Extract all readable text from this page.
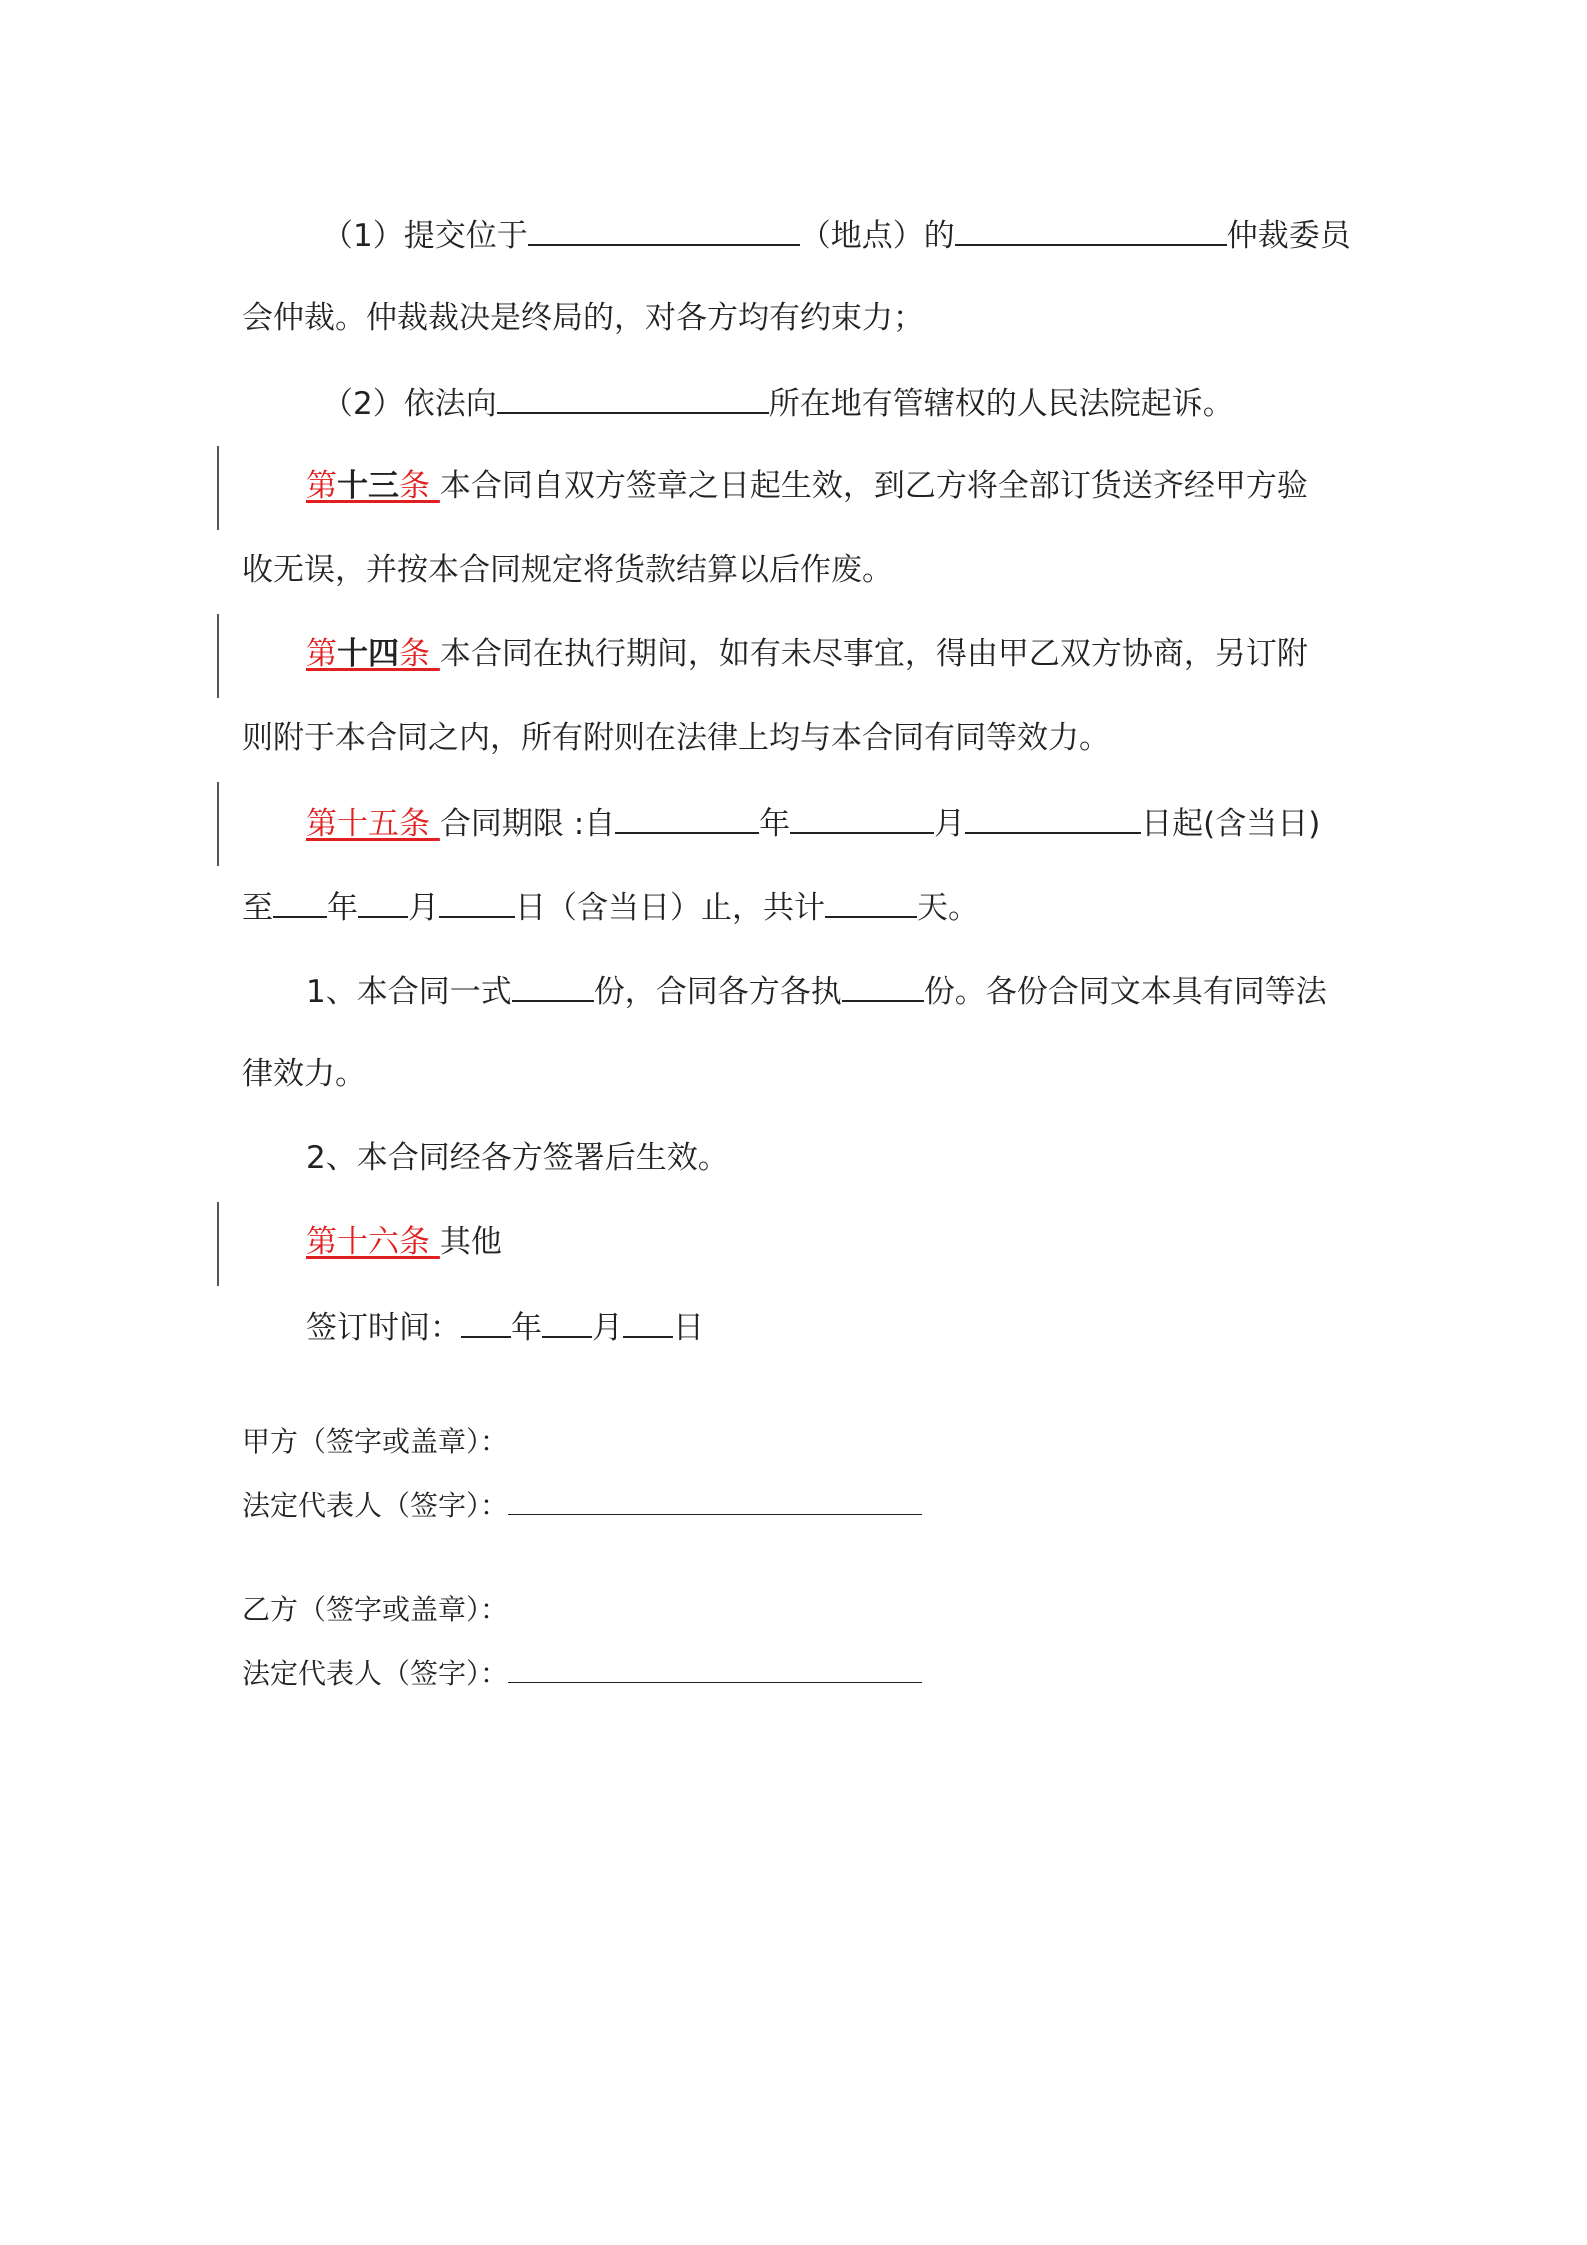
（1）提交位于	（地点）的	仲裁委员
会仲裁。仲裁裁决是终局的，对各方均有约束力；
（2）依法向	所在地有管辖权的人民法院起诉。
第十三条 本合同自双方签章之日起生效，到乙方将全部订货送齐经甲方验
收无误，并按本合同规定将货款结算以后作废。
第十四条 本合同在执行期间，如有未尽事宜，得由甲乙双方协商，另订附
则附于本合同之内，所有附则在法律上均与本合同有同等效力。
第十五条 合同期限 :自	年	月	日起(含当日)
至 年 月 日（含当日）止，共计	天。
1、本合同一式	份，合同各方各执	份。各份合同文本具有同等法
律效力。
2、本合同经各方签署后生效。
第十六条 其他
签订时间： 年 月 日
甲方（签字或盖章）：
法定代表人（签字）：
乙方（签字或盖章）：
法定代表人（签字）：
